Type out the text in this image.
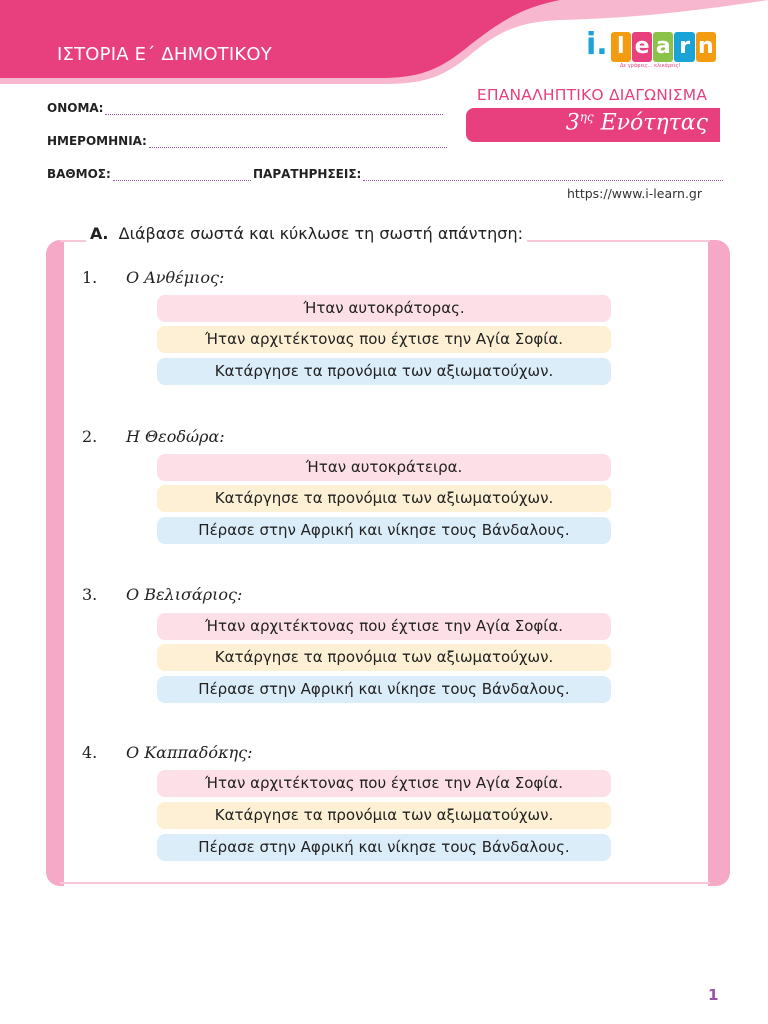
ΙΣΤΟΡΙΑ Ε΄ ΔΗΜΟΤΙΚΟΥ	i. l e a r n
Δε γράφεις... κλικάρεις!
ΕΠΑΝΑΛΗΠΤΙΚΟ ΔΙΑΓΩΝΙΣΜΑ
$3^{\eta\varsigma}$ Ενότητας
ΟΝΟΜΑ:
ΗΜΕΡΟΜΗΝΙΑ:
ΒΑΘΜΟΣ:	ΠΑΡΑΤΗΡΗΣΕΙΣ:
https://www.i-learn.gr
Α. Διάβασε σωστά και κύκλωσε τη σωστή απάντηση:
1. Ο Ανθέμιος:
Ήταν αυτοκράτορας.
Ήταν αρχιτέκτονας που έχτισε την Αγία Σοφία.
Κατάργησε τα προνόμια των αξιωματούχων.
2. Η Θεοδώρα:
Ήταν αυτοκράτειρα.
Κατάργησε τα προνόμια των αξιωματούχων.
Πέρασε στην Αφρική και νίκησε τους Βάνδαλους.
3. Ο Βελισάριος:
Ήταν αρχιτέκτονας που έχτισε την Αγία Σοφία.
Κατάργησε τα προνόμια των αξιωματούχων.
Πέρασε στην Αφρική και νίκησε τους Βάνδαλους.
4. Ο Καππαδόκης:
Ήταν αρχιτέκτονας που έχτισε την Αγία Σοφία.
Κατάργησε τα προνόμια των αξιωματούχων.
Πέρασε στην Αφρική και νίκησε τους Βάνδαλους.
1
